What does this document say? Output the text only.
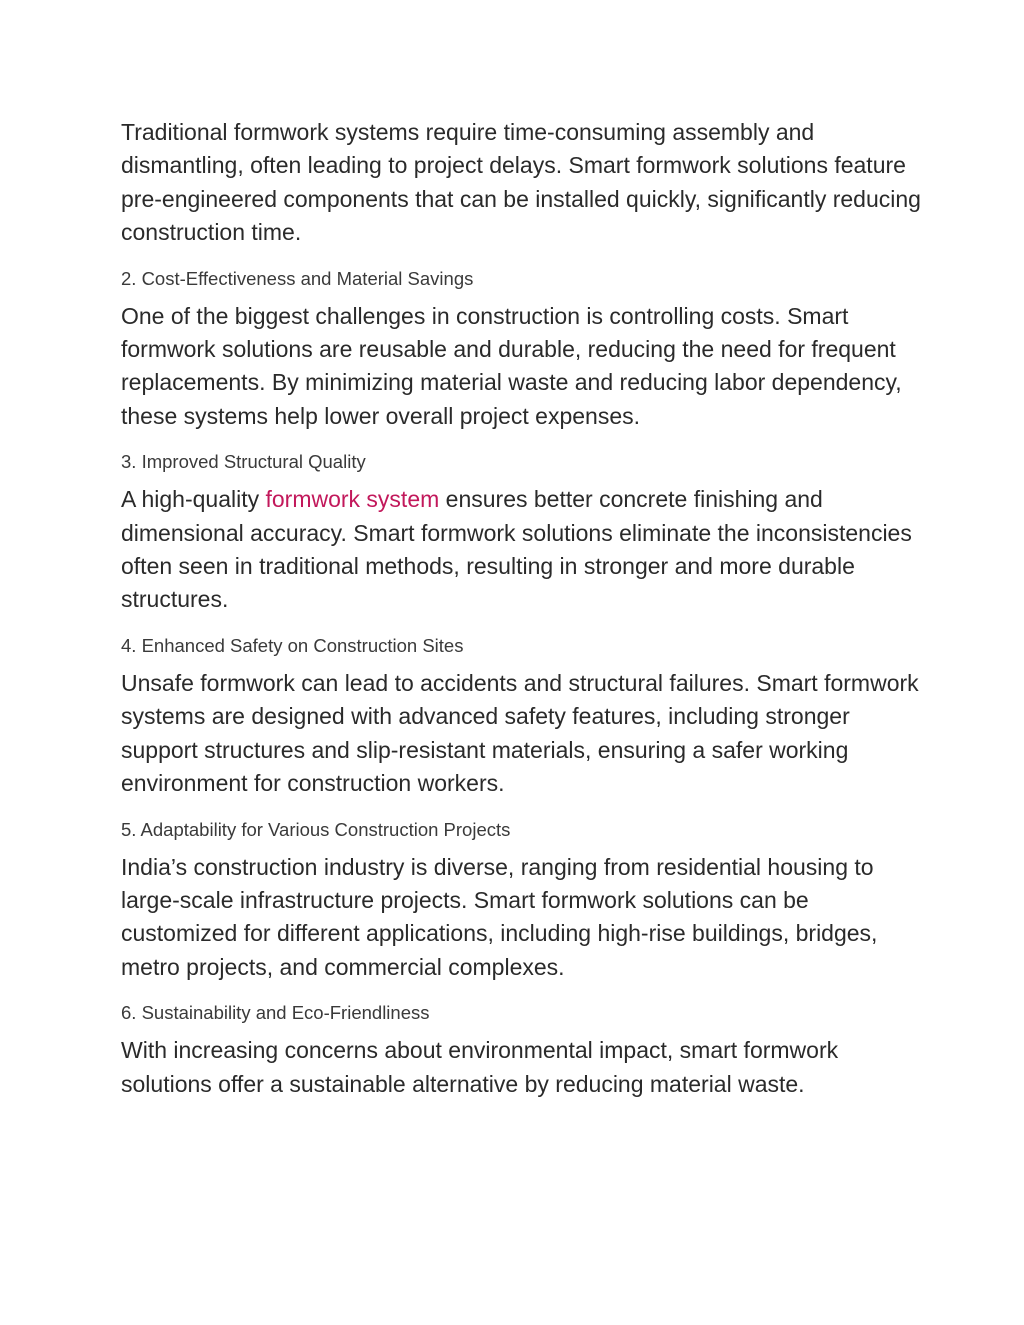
Traditional formwork systems require time-consuming assembly and dismantling, often leading to project delays. Smart formwork solutions feature pre-engineered components that can be installed quickly, significantly reducing construction time.

2. Cost-Effectiveness and Material Savings

One of the biggest challenges in construction is controlling costs. Smart formwork solutions are reusable and durable, reducing the need for frequent replacements. By minimizing material waste and reducing labor dependency, these systems help lower overall project expenses.

3. Improved Structural Quality

A high-quality formwork system ensures better concrete finishing and dimensional accuracy. Smart formwork solutions eliminate the inconsistencies often seen in traditional methods, resulting in stronger and more durable structures.

4. Enhanced Safety on Construction Sites

Unsafe formwork can lead to accidents and structural failures. Smart formwork systems are designed with advanced safety features, including stronger support structures and slip-resistant materials, ensuring a safer working environment for construction workers.

5. Adaptability for Various Construction Projects

India’s construction industry is diverse, ranging from residential housing to large-scale infrastructure projects. Smart formwork solutions can be customized for different applications, including high-rise buildings, bridges, metro projects, and commercial complexes.

6. Sustainability and Eco-Friendliness

With increasing concerns about environmental impact, smart formwork solutions offer a sustainable alternative by reducing material waste.
